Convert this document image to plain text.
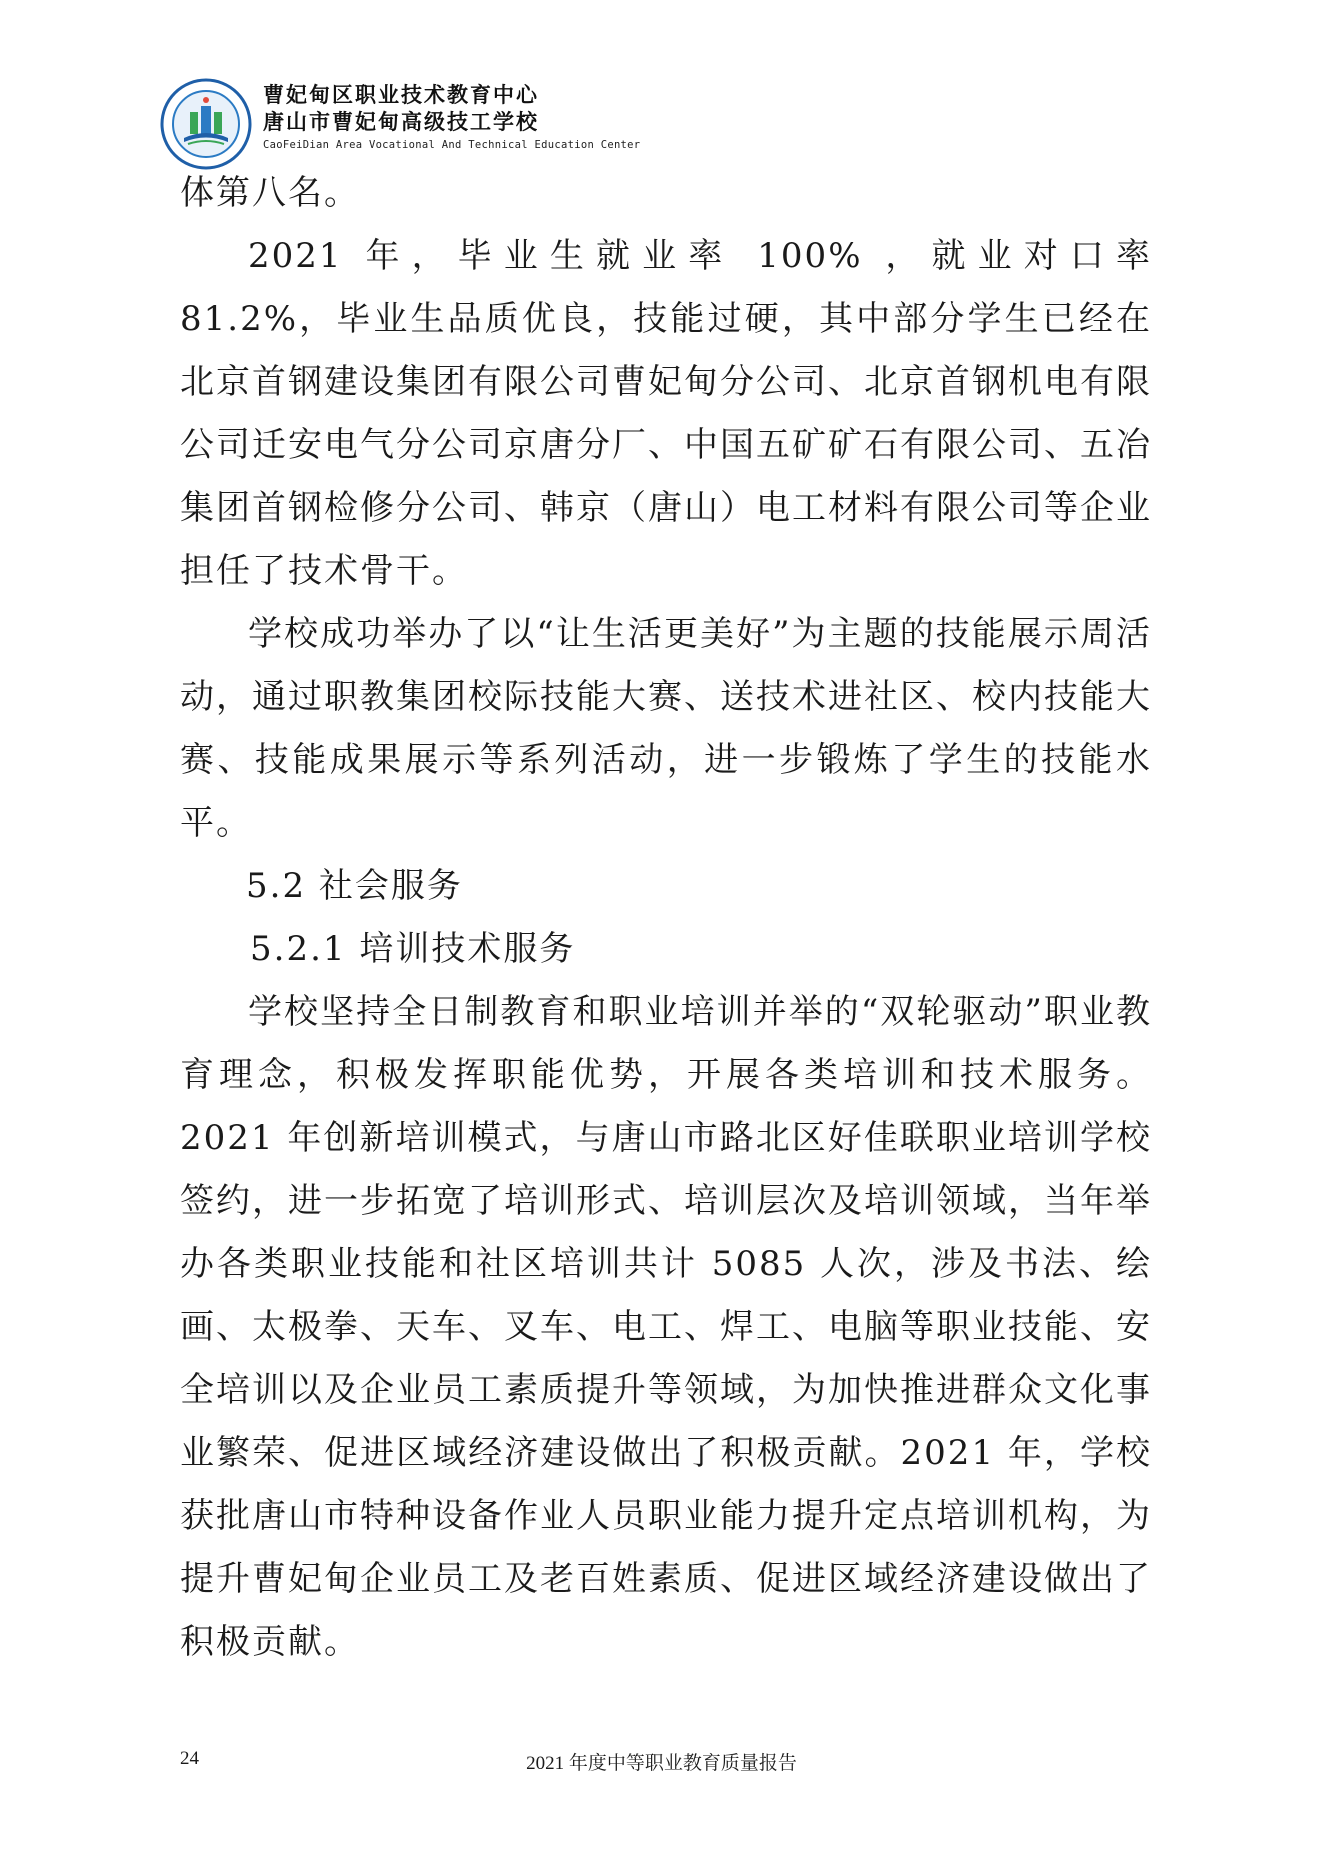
曹妃甸区职业技术教育中心
唐山市曹妃甸高级技工学校
CaoFeiDian Area Vocational And Technical Education Center

体第八名。

2021 年，毕业生就业率 100% ，就业对口率 81.2%，毕业生品质优良，技能过硬，其中部分学生已经在北京首钢建设集团有限公司曹妃甸分公司、北京首钢机电有限公司迁安电气分公司京唐分厂、中国五矿矿石有限公司、五冶集团首钢检修分公司、韩京（唐山）电工材料有限公司等企业担任了技术骨干。

学校成功举办了以“让生活更美好”为主题的技能展示周活动，通过职教集团校际技能大赛、送技术进社区、校内技能大赛、技能成果展示等系列活动，进一步锻炼了学生的技能水平。

5.2 社会服务

5.2.1 培训技术服务

学校坚持全日制教育和职业培训并举的“双轮驱动”职业教育理念，积极发挥职能优势，开展各类培训和技术服务。2021 年创新培训模式，与唐山市路北区好佳联职业培训学校签约，进一步拓宽了培训形式、培训层次及培训领域，当年举办各类职业技能和社区培训共计 5085 人次，涉及书法、绘画、太极拳、天车、叉车、电工、焊工、电脑等职业技能、安全培训以及企业员工素质提升等领域，为加快推进群众文化事业繁荣、促进区域经济建设做出了积极贡献。2021 年，学校获批唐山市特种设备作业人员职业能力提升定点培训机构，为提升曹妃甸企业员工及老百姓素质、促进区域经济建设做出了积极贡献。

24	2021 年度中等职业教育质量报告
